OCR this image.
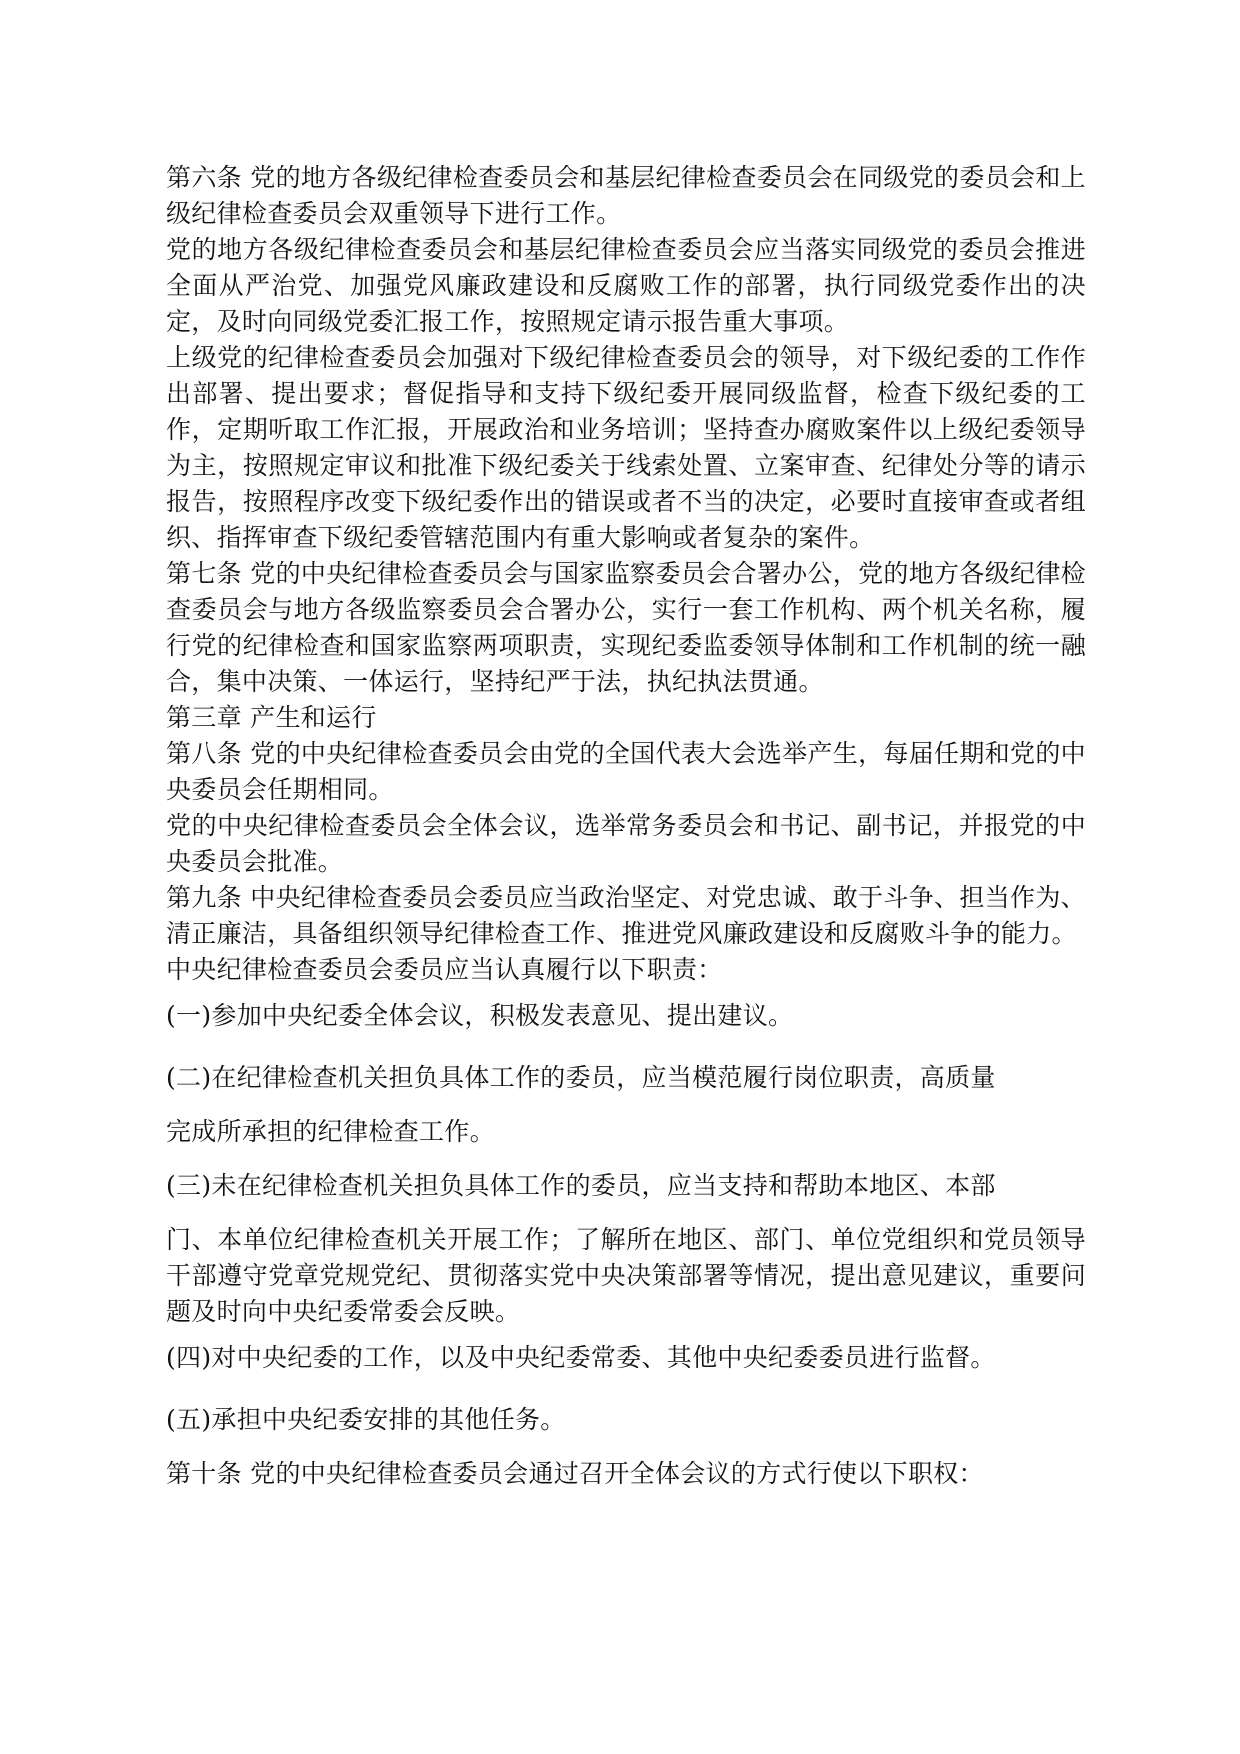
第六条 党的地方各级纪律检查委员会和基层纪律检查委员会在同级党的委员会和上级纪律检查委员会双重领导下进行工作。

党的地方各级纪律检查委员会和基层纪律检查委员会应当落实同级党的委员会推进全面从严治党、加强党风廉政建设和反腐败工作的部署，执行同级党委作出的决定，及时向同级党委汇报工作，按照规定请示报告重大事项。

上级党的纪律检查委员会加强对下级纪律检查委员会的领导，对下级纪委的工作作出部署、提出要求；督促指导和支持下级纪委开展同级监督，检查下级纪委的工作，定期听取工作汇报，开展政治和业务培训；坚持查办腐败案件以上级纪委领导为主，按照规定审议和批准下级纪委关于线索处置、立案审查、纪律处分等的请示报告，按照程序改变下级纪委作出的错误或者不当的决定，必要时直接审查或者组织、指挥审查下级纪委管辖范围内有重大影响或者复杂的案件。

第七条 党的中央纪律检查委员会与国家监察委员会合署办公，党的地方各级纪律检查委员会与地方各级监察委员会合署办公，实行一套工作机构、两个机关名称，履行党的纪律检查和国家监察两项职责，实现纪委监委领导体制和工作机制的统一融合，集中决策、一体运行，坚持纪严于法，执纪执法贯通。

第三章 产生和运行

第八条 党的中央纪律检查委员会由党的全国代表大会选举产生，每届任期和党的中央委员会任期相同。

党的中央纪律检查委员会全体会议，选举常务委员会和书记、副书记，并报党的中央委员会批准。

第九条 中央纪律检查委员会委员应当政治坚定、对党忠诚、敢于斗争、担当作为、清正廉洁，具备组织领导纪律检查工作、推进党风廉政建设和反腐败斗争的能力。

中央纪律检查委员会委员应当认真履行以下职责：

(一)参加中央纪委全体会议，积极发表意见、提出建议。

(二)在纪律检查机关担负具体工作的委员，应当模范履行岗位职责，高质量

完成所承担的纪律检查工作。

(三)未在纪律检查机关担负具体工作的委员，应当支持和帮助本地区、本部

门、本单位纪律检查机关开展工作；了解所在地区、部门、单位党组织和党员领导干部遵守党章党规党纪、贯彻落实党中央决策部署等情况，提出意见建议，重要问题及时向中央纪委常委会反映。

(四)对中央纪委的工作，以及中央纪委常委、其他中央纪委委员进行监督。

(五)承担中央纪委安排的其他任务。

第十条 党的中央纪律检查委员会通过召开全体会议的方式行使以下职权：
